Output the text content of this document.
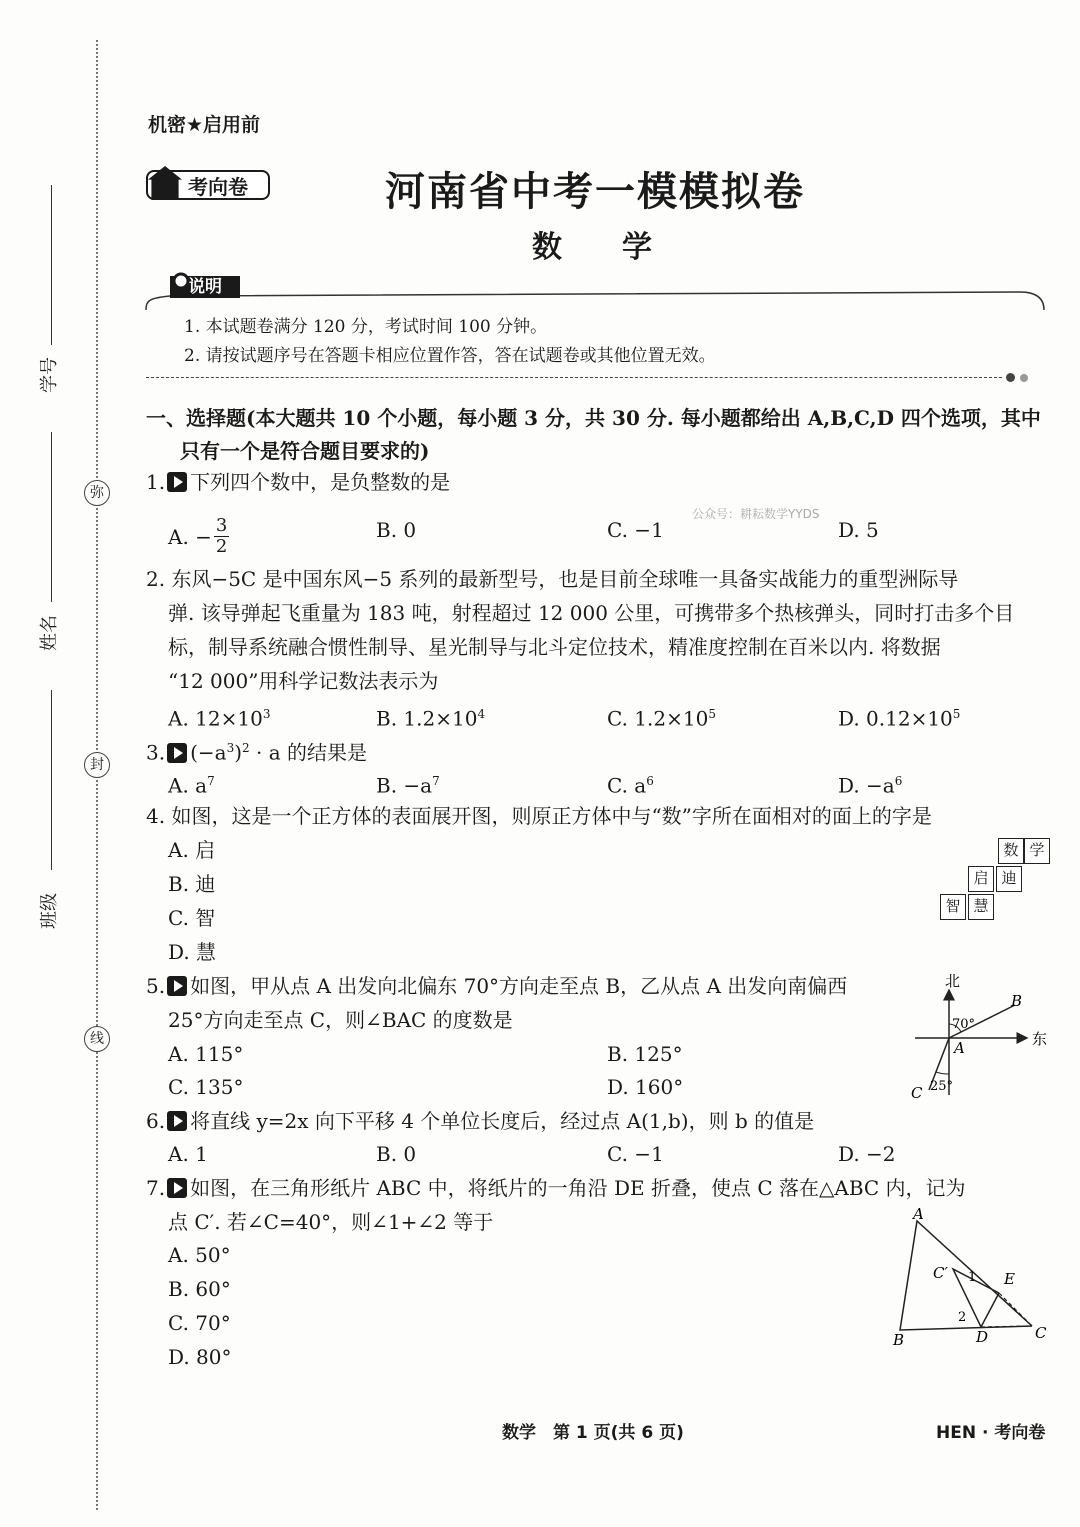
弥
封
线
学号
姓名
班级
机密★启用前
考向卷	河南省中考一模模拟卷
数　　学
说明
1. 本试题卷满分 120 分，考试时间 100 分钟。
2. 请按试题序号在答题卡相应位置作答，答在试题卷或其他位置无效。
一、选择题(本大题共 10 个小题，每小题 3 分，共 30 分. 每小题都给出 A,B,C,D 四个选项，其中
只有一个是符合题目要求的)
1. 下列四个数中，是负整数的是
A. − $\frac{3}{2}$	B. 0	C. −1
公众号：耕耘数学YYDS
D. 5
2. 东风−5C 是中国东风−5 系列的最新型号，也是目前全球唯一具备实战能力的重型洲际导
弹. 该导弹起飞重量为 183 吨，射程超过 12 000 公里，可携带多个热核弹头，同时打击多个目
标，制导系统融合惯性制导、星光制导与北斗定位技术，精准度控制在百米以内. 将数据
“12 000”用科学记数法表示为
A. $12\times 10^3$	B. $1.2\times 10^4$	C. $1.2\times 10^5$	D. $0.12\times 10^5$
3. $(-a^3)^2 \cdot a$ 的结果是
A. $a^7$	B. $-a^7$	C. $a^6$	D. $-a^6$
4. 如图，这是一个正方体的表面展开图，则原正方体中与“数”字所在面相对的面上的字是
A. 启
B. 迪
C. 智
D. 慧
数 学
启 迪
智 慧
5. 如图，甲从点 A 出发向北偏东 70°方向走至点 B，乙从点 A 出发向南偏西
25°方向走至点 C，则∠BAC 的度数是
A. 115°	B. 125°
C. 135°	D. 160°
北
东
B
A
C
70°
25°
6. 将直线 y=2x 向下平移 4 个单位长度后，经过点 A(1,b)，则 b 的值是
A. 1	B. 0	C. −1	D. −2
7. 如图，在三角形纸片 ABC 中，将纸片的一角沿 DE 折叠，使点 C 落在△ABC 内，记为
点 C′. 若∠C=40°，则∠1+∠2 等于
A. 50°
B. 60°
C. 70°
D. 80°
A
B	C
D
E
C′ 1
2
数学　第 1 页(共 6 页)	HEN · 考向卷
